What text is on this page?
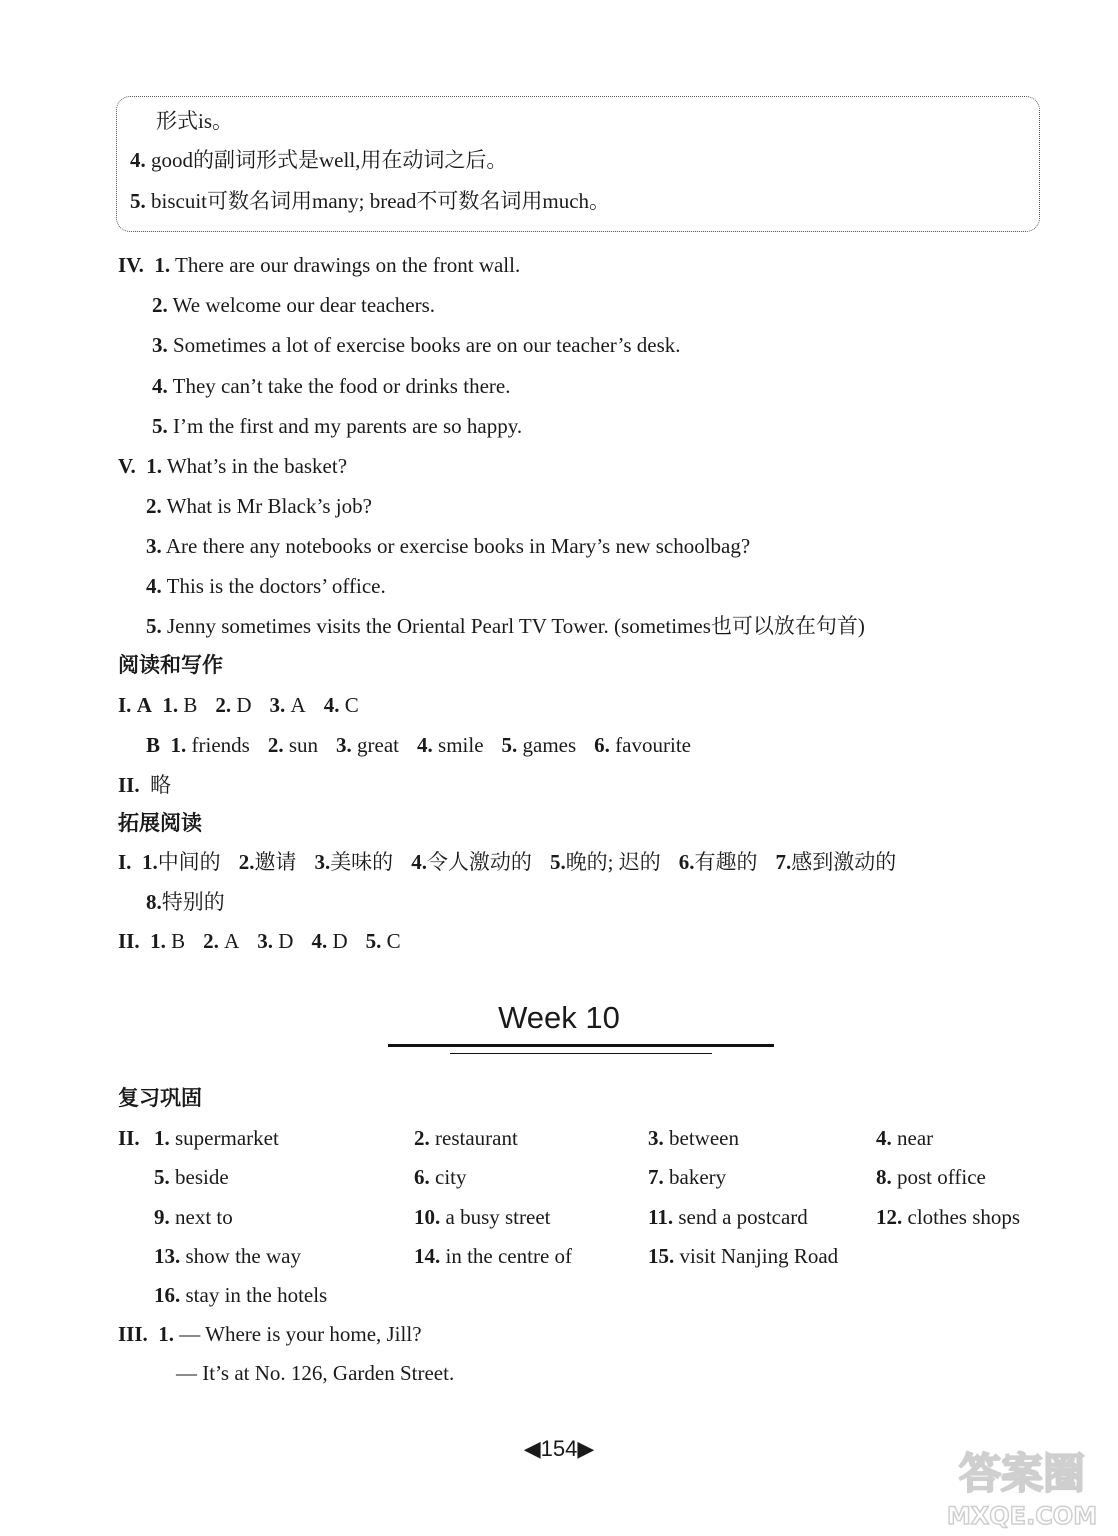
形式is。
4. good的副词形式是well,用在动词之后。
5. biscuit可数名词用many; bread不可数名词用much。
IV. 1. There are our drawings on the front wall.
2. We welcome our dear teachers.
3. Sometimes a lot of exercise books are on our teacher’s desk.
4. They can’t take the food or drinks there.
5. I’m the first and my parents are so happy.
V. 1. What’s in the basket?
2. What is Mr Black’s job?
3. Are there any notebooks or exercise books in Mary’s new schoolbag?
4. This is the doctors’ office.
5. Jenny sometimes visits the Oriental Pearl TV Tower. (sometimes也可以放在句首)
阅读和写作
I. A 1. B 2. D 3. A 4. C
B 1. friends 2. sun 3. great 4. smile 5. games 6. favourite
II. 略
拓展阅读
I. 1.中间的 2.邀请 3.美味的 4.令人激动的 5.晚的; 迟的 6.有趣的 7.感到激动的
8.特别的
II. 1. B 2. A 3. D 4. D 5. C
Week 10
复习巩固
II. 1. supermarket	2. restaurant	3. between	4. near
5. beside	6. city	7. bakery	8. post office
9. next to	10. a busy street	11. send a postcard	12. clothes shops
13. show the way	14. in the centre of	15. visit Nanjing Road
16. stay in the hotels
III. 1. — Where is your home, Jill?
— It’s at No. 126, Garden Street.
◀154▶
答案圈
MXQE.COM
